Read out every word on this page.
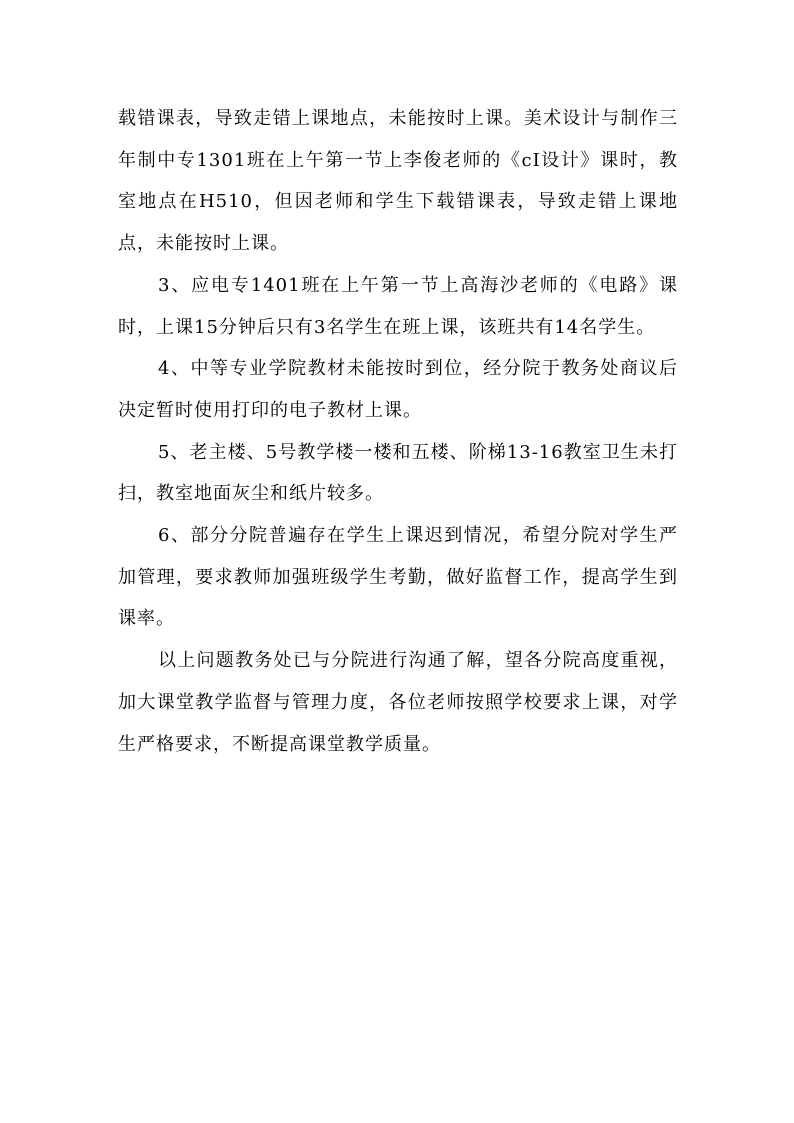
载错课表，导致走错上课地点，未能按时上课。美术设计与制作三年制中专1301班在上午第一节上李俊老师的《cI设计》课时，教室地点在H510，但因老师和学生下载错课表，导致走错上课地点，未能按时上课。

3、应电专1401班在上午第一节上高海沙老师的《电路》课时，上课15分钟后只有3名学生在班上课，该班共有14名学生。

4、中等专业学院教材未能按时到位，经分院于教务处商议后决定暂时使用打印的电子教材上课。

5、老主楼、5号教学楼一楼和五楼、阶梯13-16教室卫生未打扫，教室地面灰尘和纸片较多。

6、部分分院普遍存在学生上课迟到情况，希望分院对学生严加管理，要求教师加强班级学生考勤，做好监督工作，提高学生到课率。

以上问题教务处已与分院进行沟通了解，望各分院高度重视，加大课堂教学监督与管理力度，各位老师按照学校要求上课，对学生严格要求，不断提高课堂教学质量。
